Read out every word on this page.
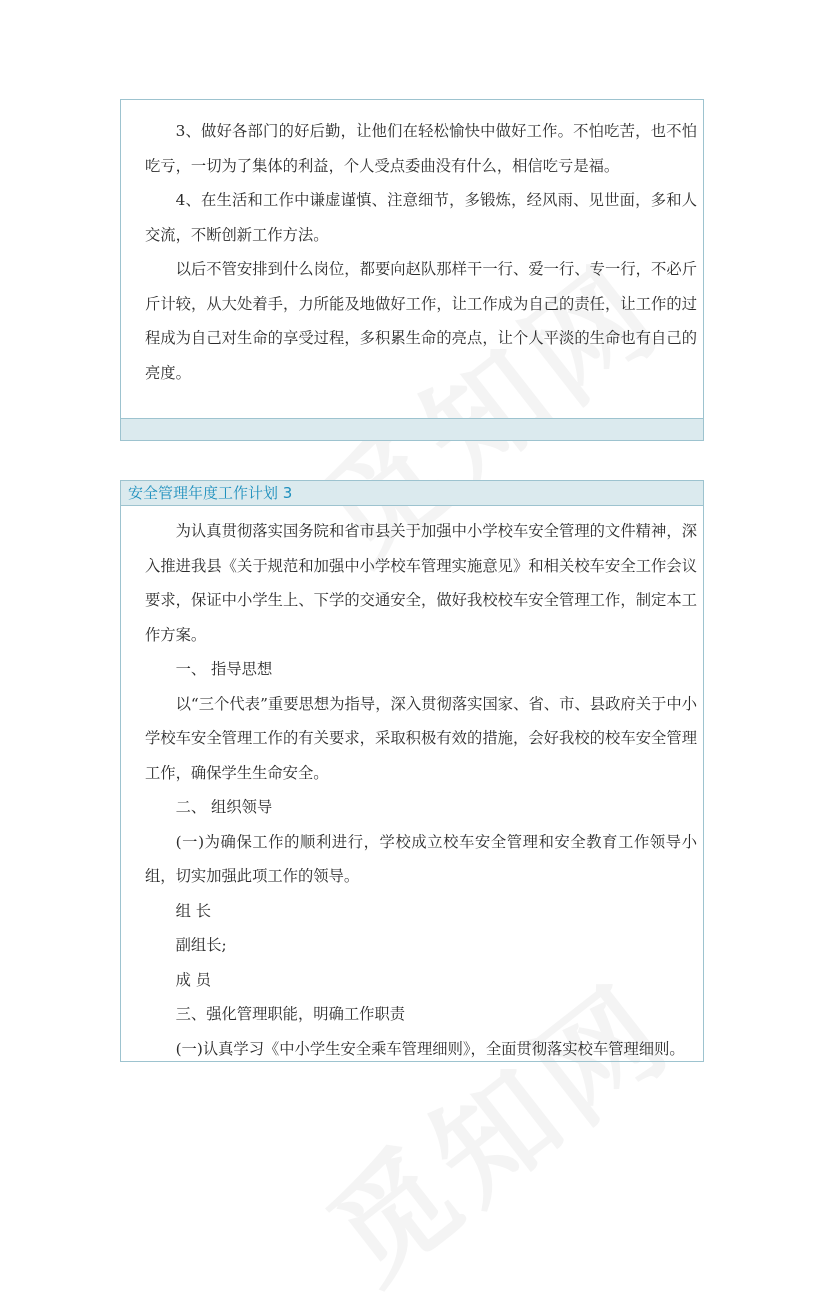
3、做好各部门的好后勤，让他们在轻松愉快中做好工作。不怕吃苦，也不怕吃亏，一切为了集体的利益，个人受点委曲没有什么，相信吃亏是福。

4、在生活和工作中谦虚谨慎、注意细节，多锻炼，经风雨、见世面，多和人交流，不断创新工作方法。

以后不管安排到什么岗位，都要向赵队那样干一行、爱一行、专一行，不必斤斤计较，从大处着手，力所能及地做好工作，让工作成为自己的责任，让工作的过程成为自己对生命的享受过程，多积累生命的亮点，让个人平淡的生命也有自己的亮度。

安全管理年度工作计划 3

为认真贯彻落实国务院和省市县关于加强中小学校车安全管理的文件精神，深入推进我县《关于规范和加强中小学校车管理实施意见》和相关校车安全工作会议要求，保证中小学生上、下学的交通安全，做好我校校车安全管理工作，制定本工作方案。

一、 指导思想

以“三个代表”重要思想为指导，深入贯彻落实国家、省、市、县政府关于中小学校车安全管理工作的有关要求，采取积极有效的措施，会好我校的校车安全管理工作，确保学生生命安全。

二、 组织领导

(一)为确保工作的顺利进行，学校成立校车安全管理和安全教育工作领导小组，切实加强此项工作的领导。

组 长

副组长;

成 员

三、强化管理职能，明确工作职责

(一)认真学习《中小学生安全乘车管理细则》，全面贯彻落实校车管理细则。
